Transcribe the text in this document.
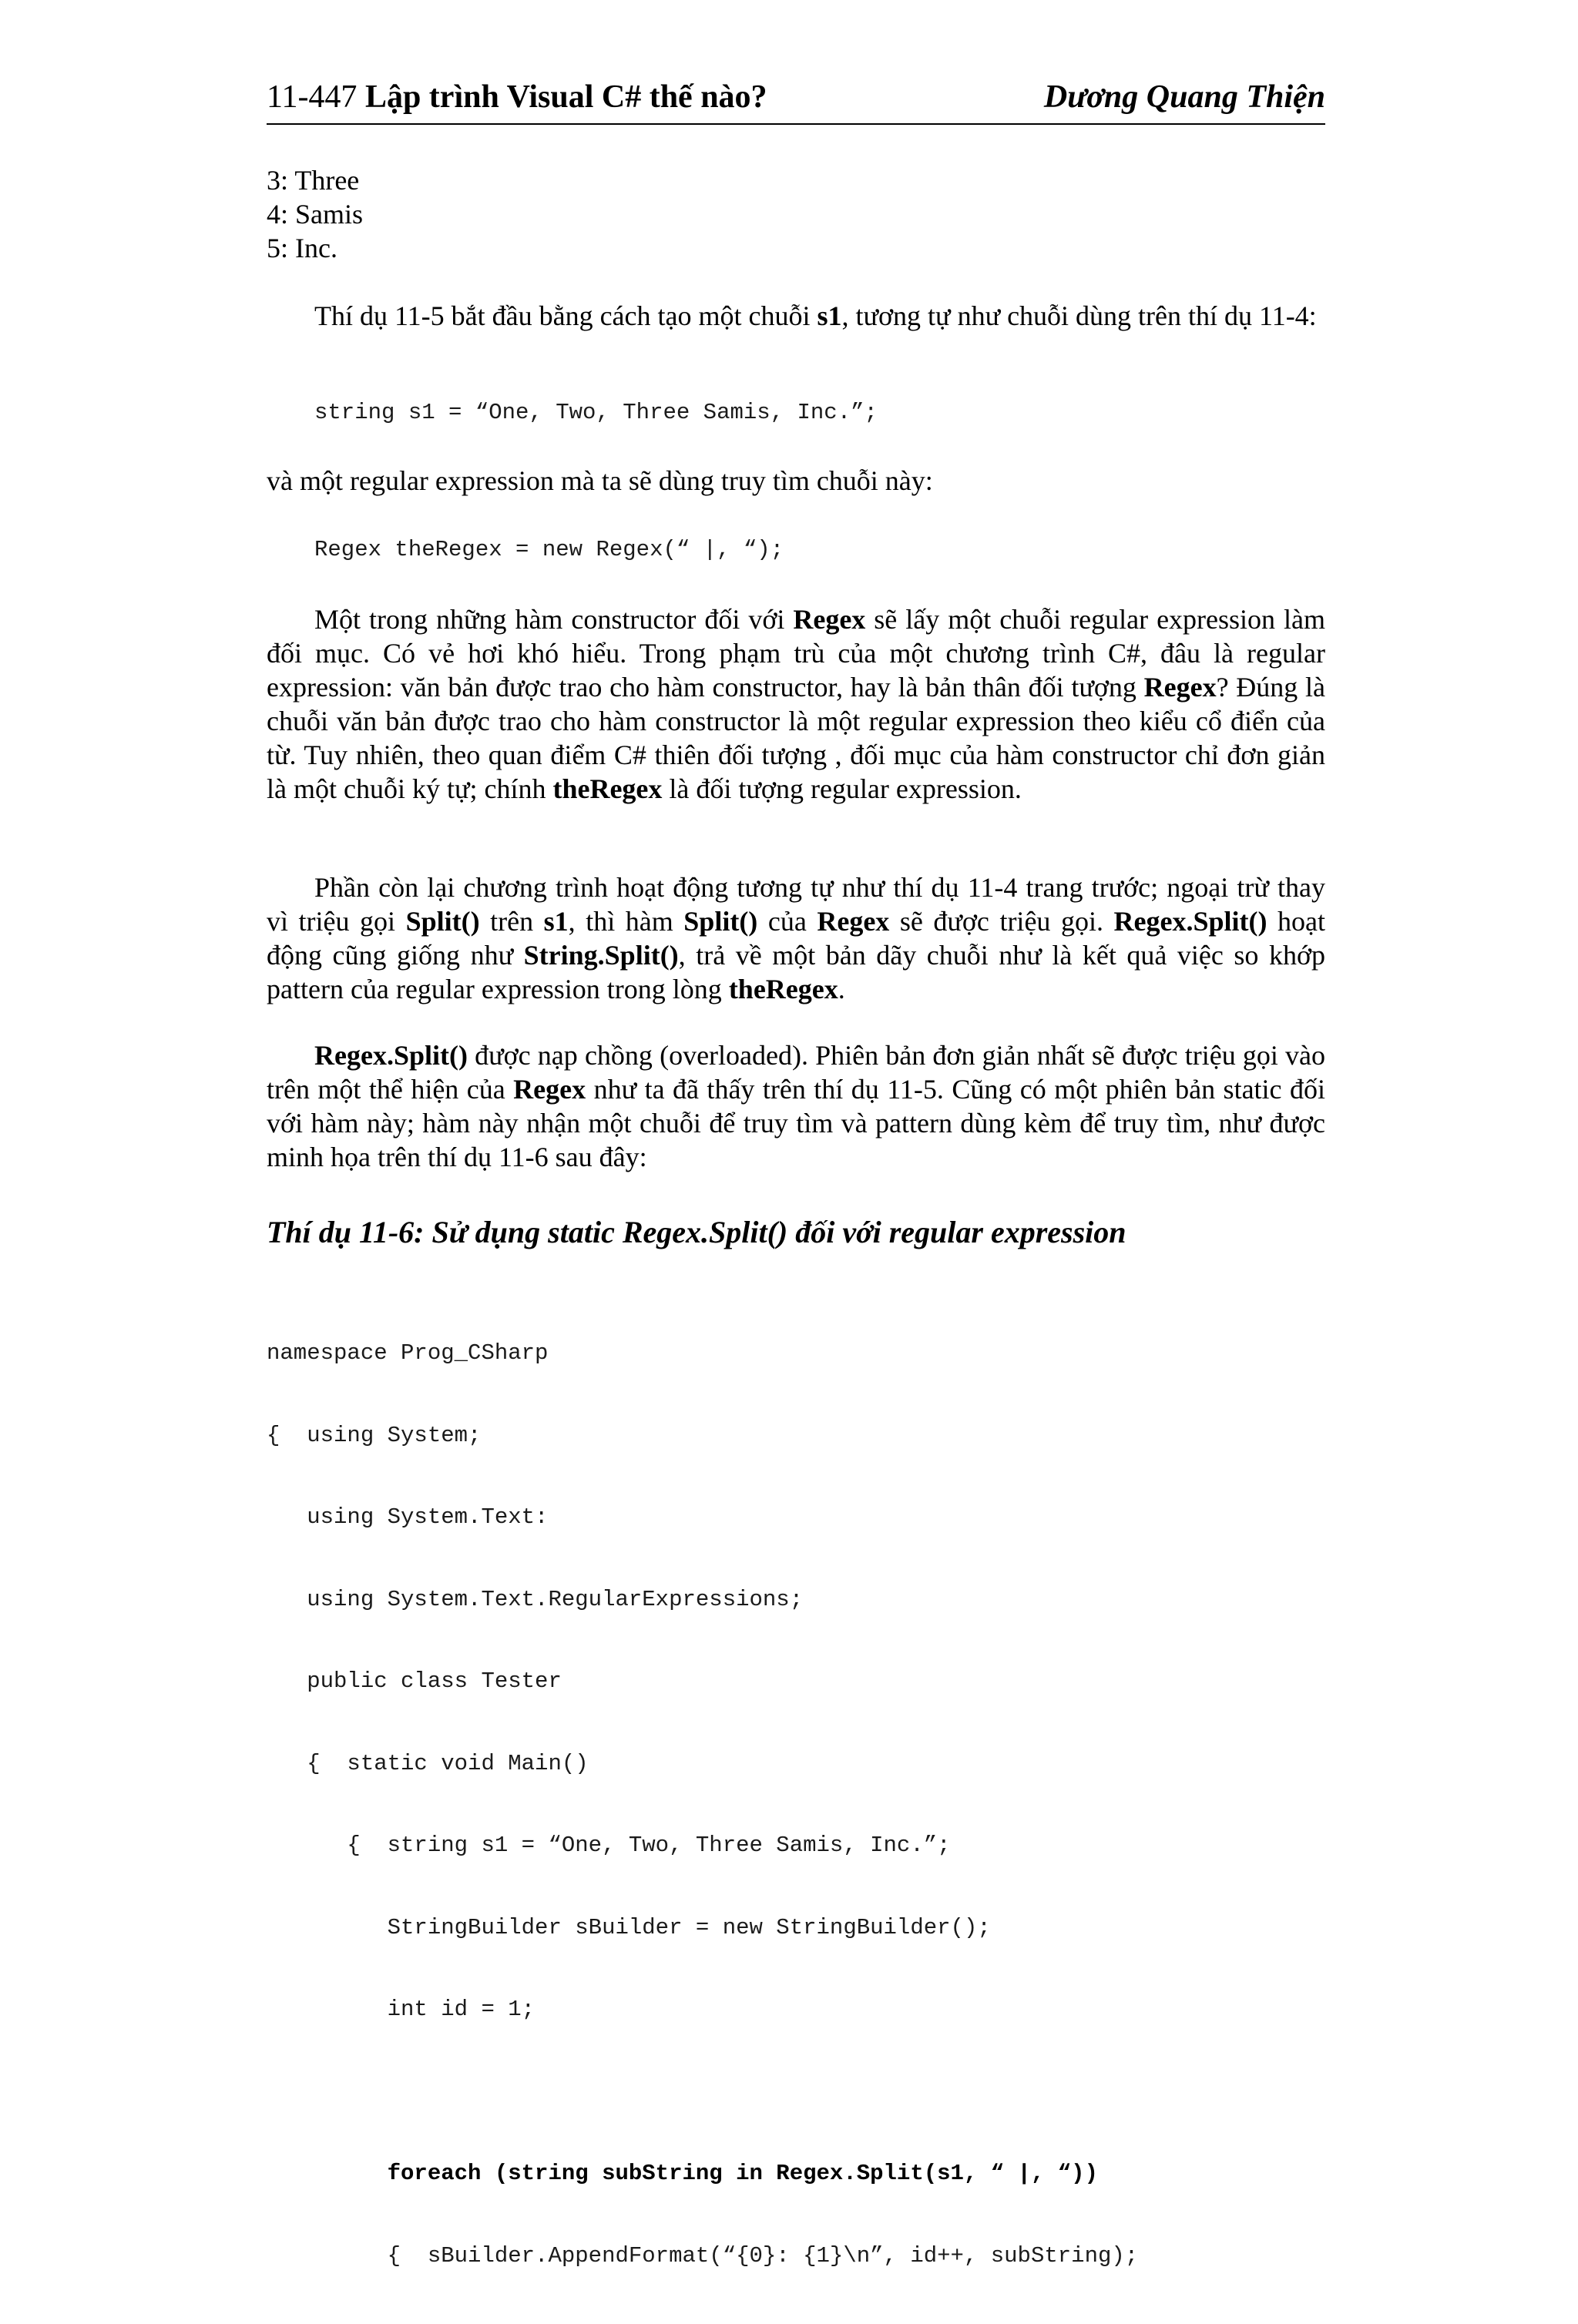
11-447 Lập trình Visual C# thế nào?	Dương Quang Thiện
3: Three
4: Samis
5: Inc.

Thí dụ 11-5 bắt đầu bằng cách tạo một chuỗi s1, tương tự như chuỗi dùng trên thí dụ 11-4:

string s1 = “One, Two, Three Samis, Inc.”;
và một regular expression mà ta sẽ dùng truy tìm chuỗi này:
Regex theRegex = new Regex(“ |, “);

Một trong những hàm constructor đối với Regex sẽ lấy một chuỗi regular expression làm đối mục. Có vẻ hơi khó hiểu. Trong phạm trù của một chương trình C#, đâu là regular expression: văn bản được trao cho hàm constructor, hay là bản thân đối tượng Regex? Đúng là chuỗi văn bản được trao cho hàm constructor là một regular expression theo kiểu cổ điển của từ. Tuy nhiên, theo quan điểm C# thiên đối tượng , đối mục của hàm constructor chỉ đơn giản là một chuỗi ký tự; chính theRegex là đối tượng regular expression.

Phần còn lại chương trình hoạt động tương tự như thí dụ 11-4 trang trước; ngoại trừ thay vì triệu gọi Split() trên s1, thì hàm Split() của Regex sẽ được triệu gọi. Regex.Split() hoạt động cũng giống như String.Split(), trả về một bản dãy chuỗi như là kết quả việc so khớp pattern của regular expression trong lòng theRegex.

Regex.Split() được nạp chồng (overloaded). Phiên bản đơn giản nhất sẽ được triệu gọi vào trên một thể hiện của Regex như ta đã thấy trên thí dụ 11-5. Cũng có một phiên bản static đối với hàm này; hàm này nhận một chuỗi để truy tìm và pattern dùng kèm để truy tìm, như được minh họa trên thí dụ 11-6 sau đây:

Thí dụ 11-6: Sử dụng static Regex.Split() đối với regular expression

namespace Prog_CSharp

{  using System;

using System.Text:

using System.Text.RegularExpressions;

public class Tester

{  static void Main()

{  string s1 = “One, Two, Three Samis, Inc.”;

StringBuilder sBuilder = new StringBuilder();

int id = 1;

foreach (string subString in Regex.Split(s1, “ |, “))

{  sBuilder.AppendFormat(“{0}: {1}\n”, id++, subString);
